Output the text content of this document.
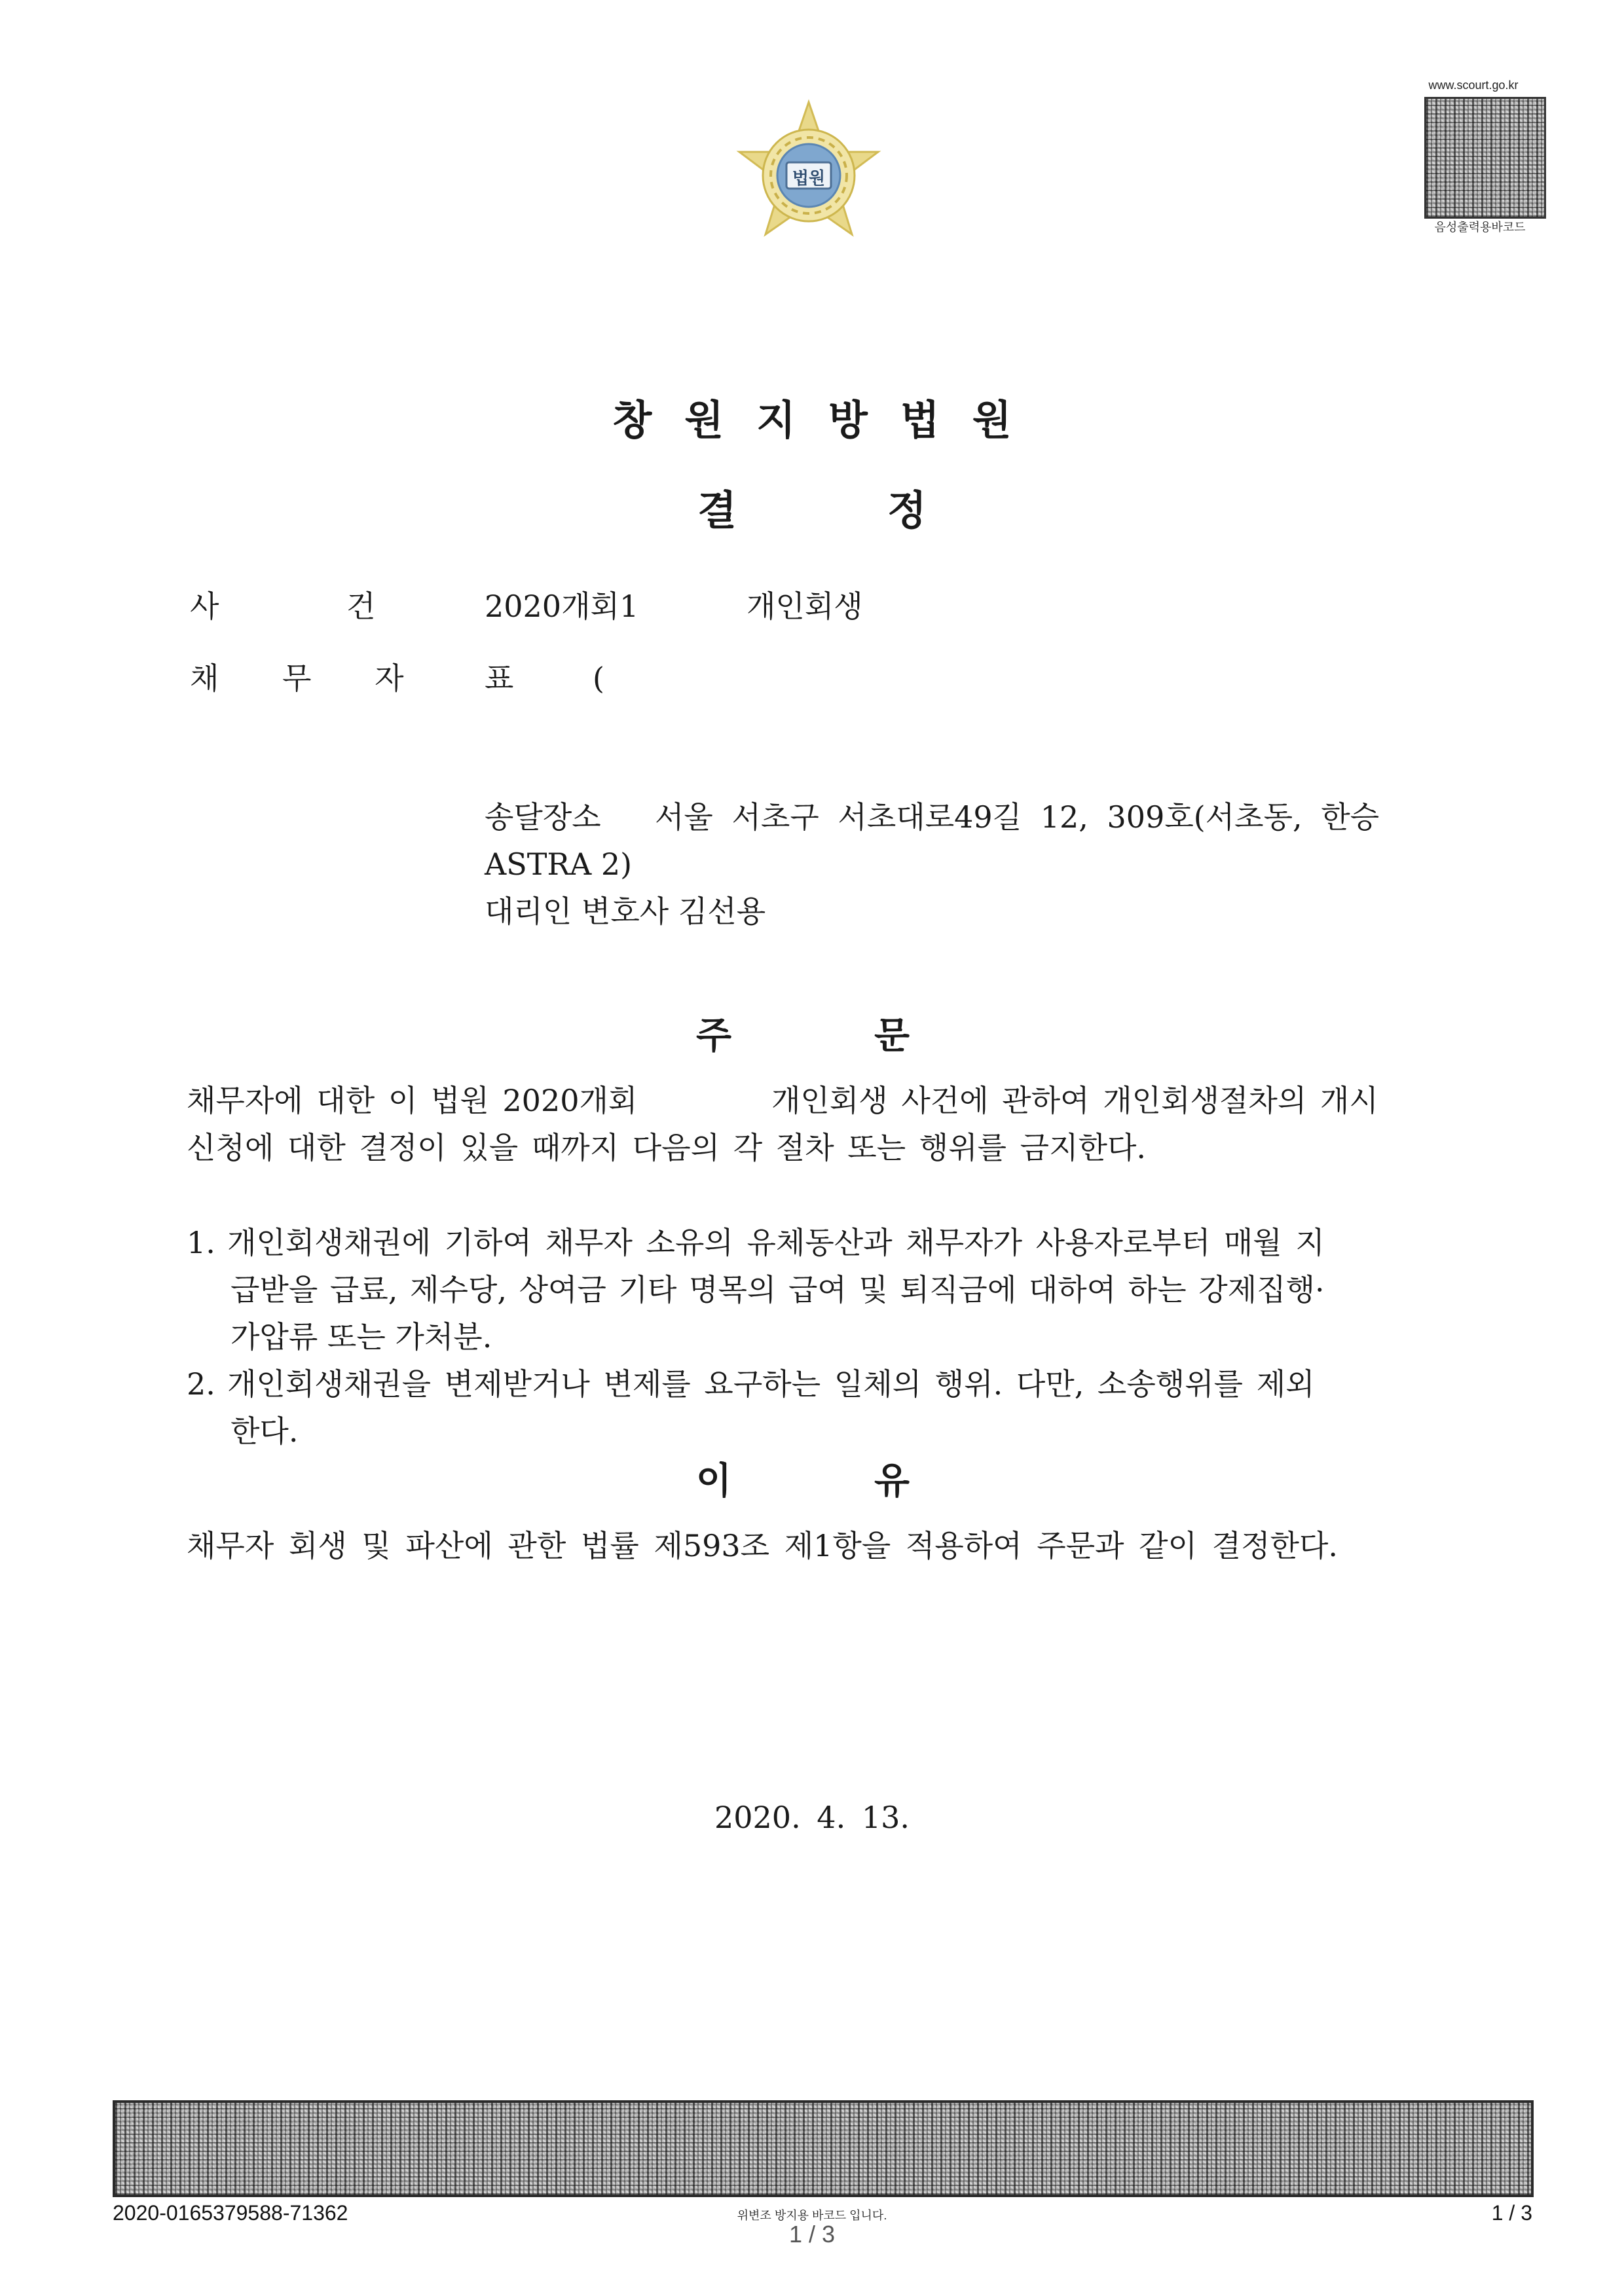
법원
www.scourt.go.kr
음성출력용바코드
창원지방법원
결정
사 건	2020개회1	개인회생
채 무 자	표	(
송달장소 서울 서초구 서초대로49길 12, 309호(서초동, 한승
ASTRA 2)
대리인 변호사 김선용
주	문
채무자에 대한 이 법원 2020개회	개인회생 사건에 관하여 개인회생절차의 개시
신청에 대한 결정이 있을 때까지 다음의 각 절차 또는 행위를 금지한다.
1. 개인회생채권에 기하여 채무자 소유의 유체동산과 채무자가 사용자로부터 매월 지
급받을 급료, 제수당, 상여금 기타 명목의 급여 및 퇴직금에 대하여 하는 강제집행·
가압류 또는 가처분.
2. 개인회생채권을 변제받거나 변제를 요구하는 일체의 행위. 다만, 소송행위를 제외
한다.
이	유
채무자 회생 및 파산에 관한 법률 제593조 제1항을 적용하여 주문과 같이 결정한다.
2020. 4. 13.
2020-0165379588-71362	위변조 방지용 바코드 입니다.
1 / 3
1 / 3
